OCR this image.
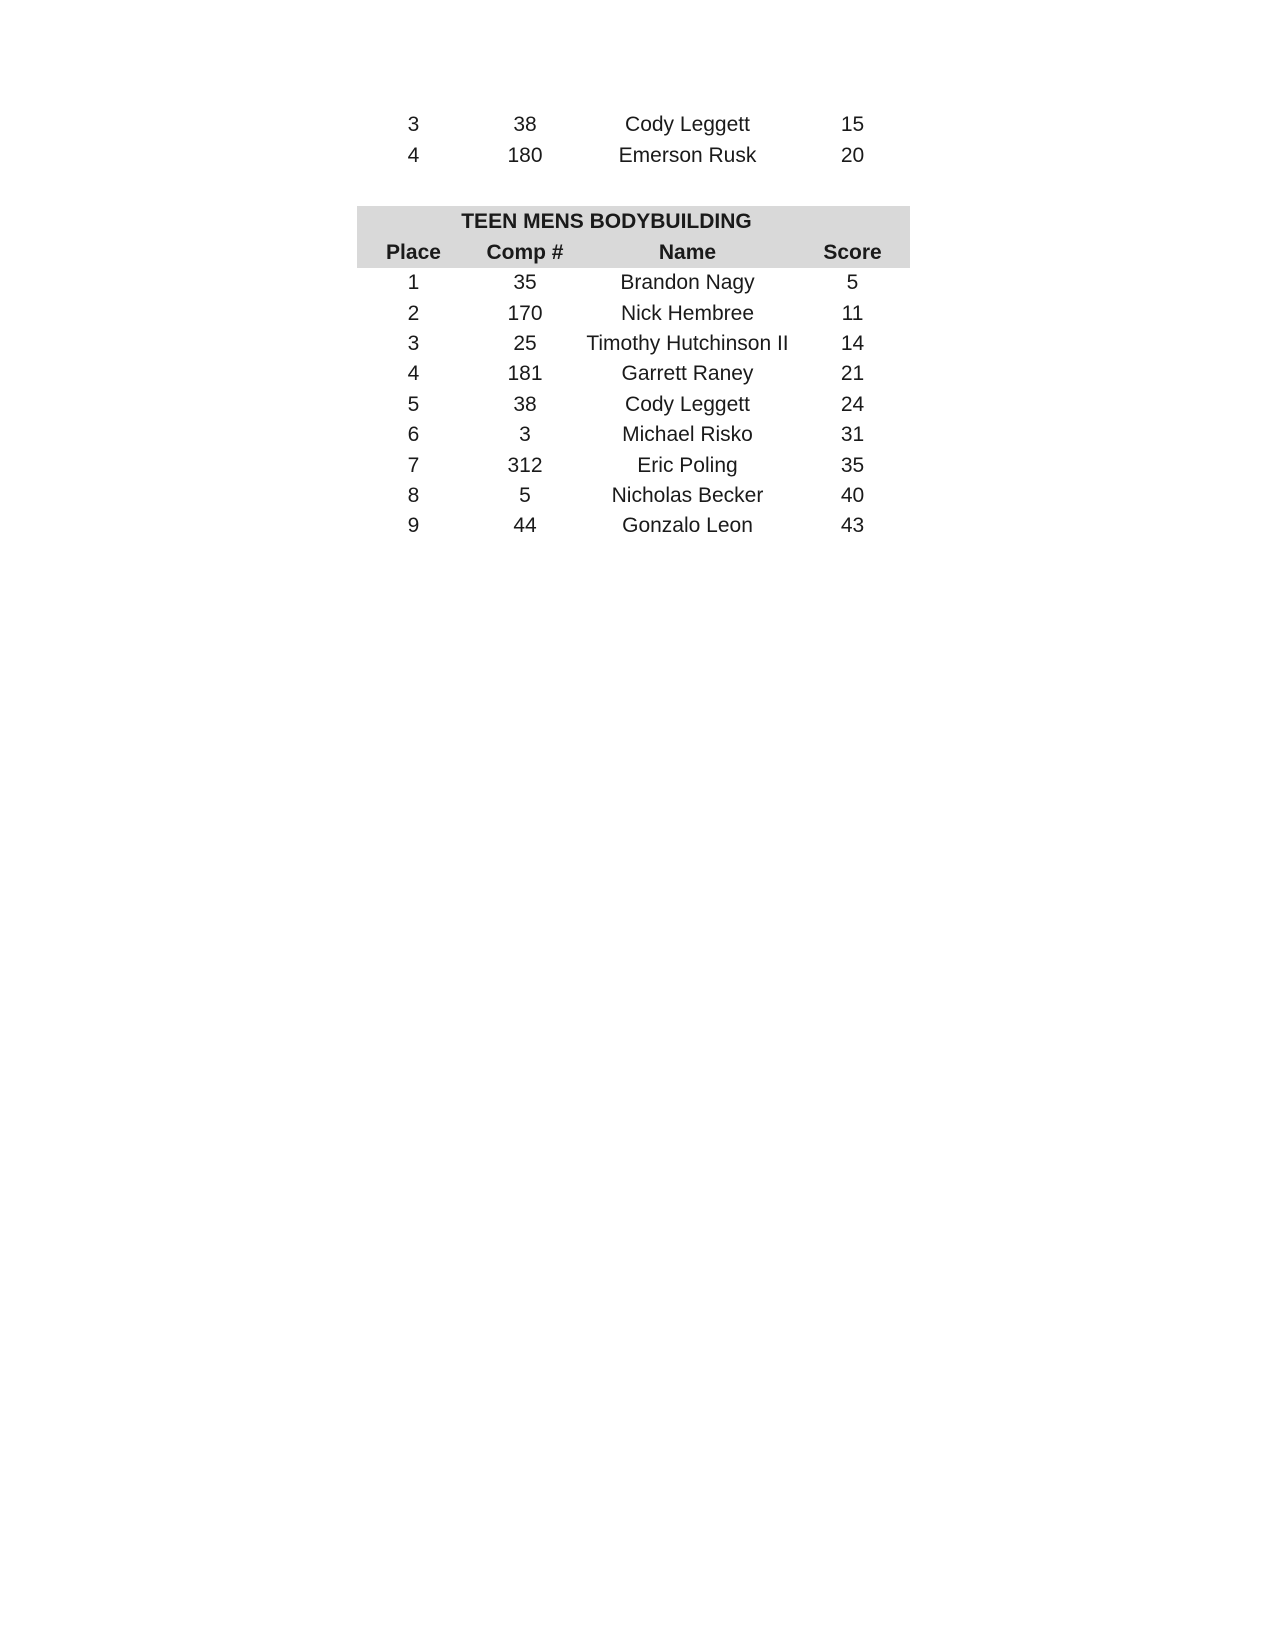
3	38	Cody Leggett	15
4	180	Emerson Rusk	20
TEEN MENS BODYBUILDING
Place	Comp #	Name	Score
1	35	Brandon Nagy	5
2	170	Nick Hembree	11
3	25	Timothy Hutchinson II	14
4	181	Garrett Raney	21
5	38	Cody Leggett	24
6	3	Michael Risko	31
7	312	Eric Poling	35
8	5	Nicholas Becker	40
9	44	Gonzalo Leon	43
